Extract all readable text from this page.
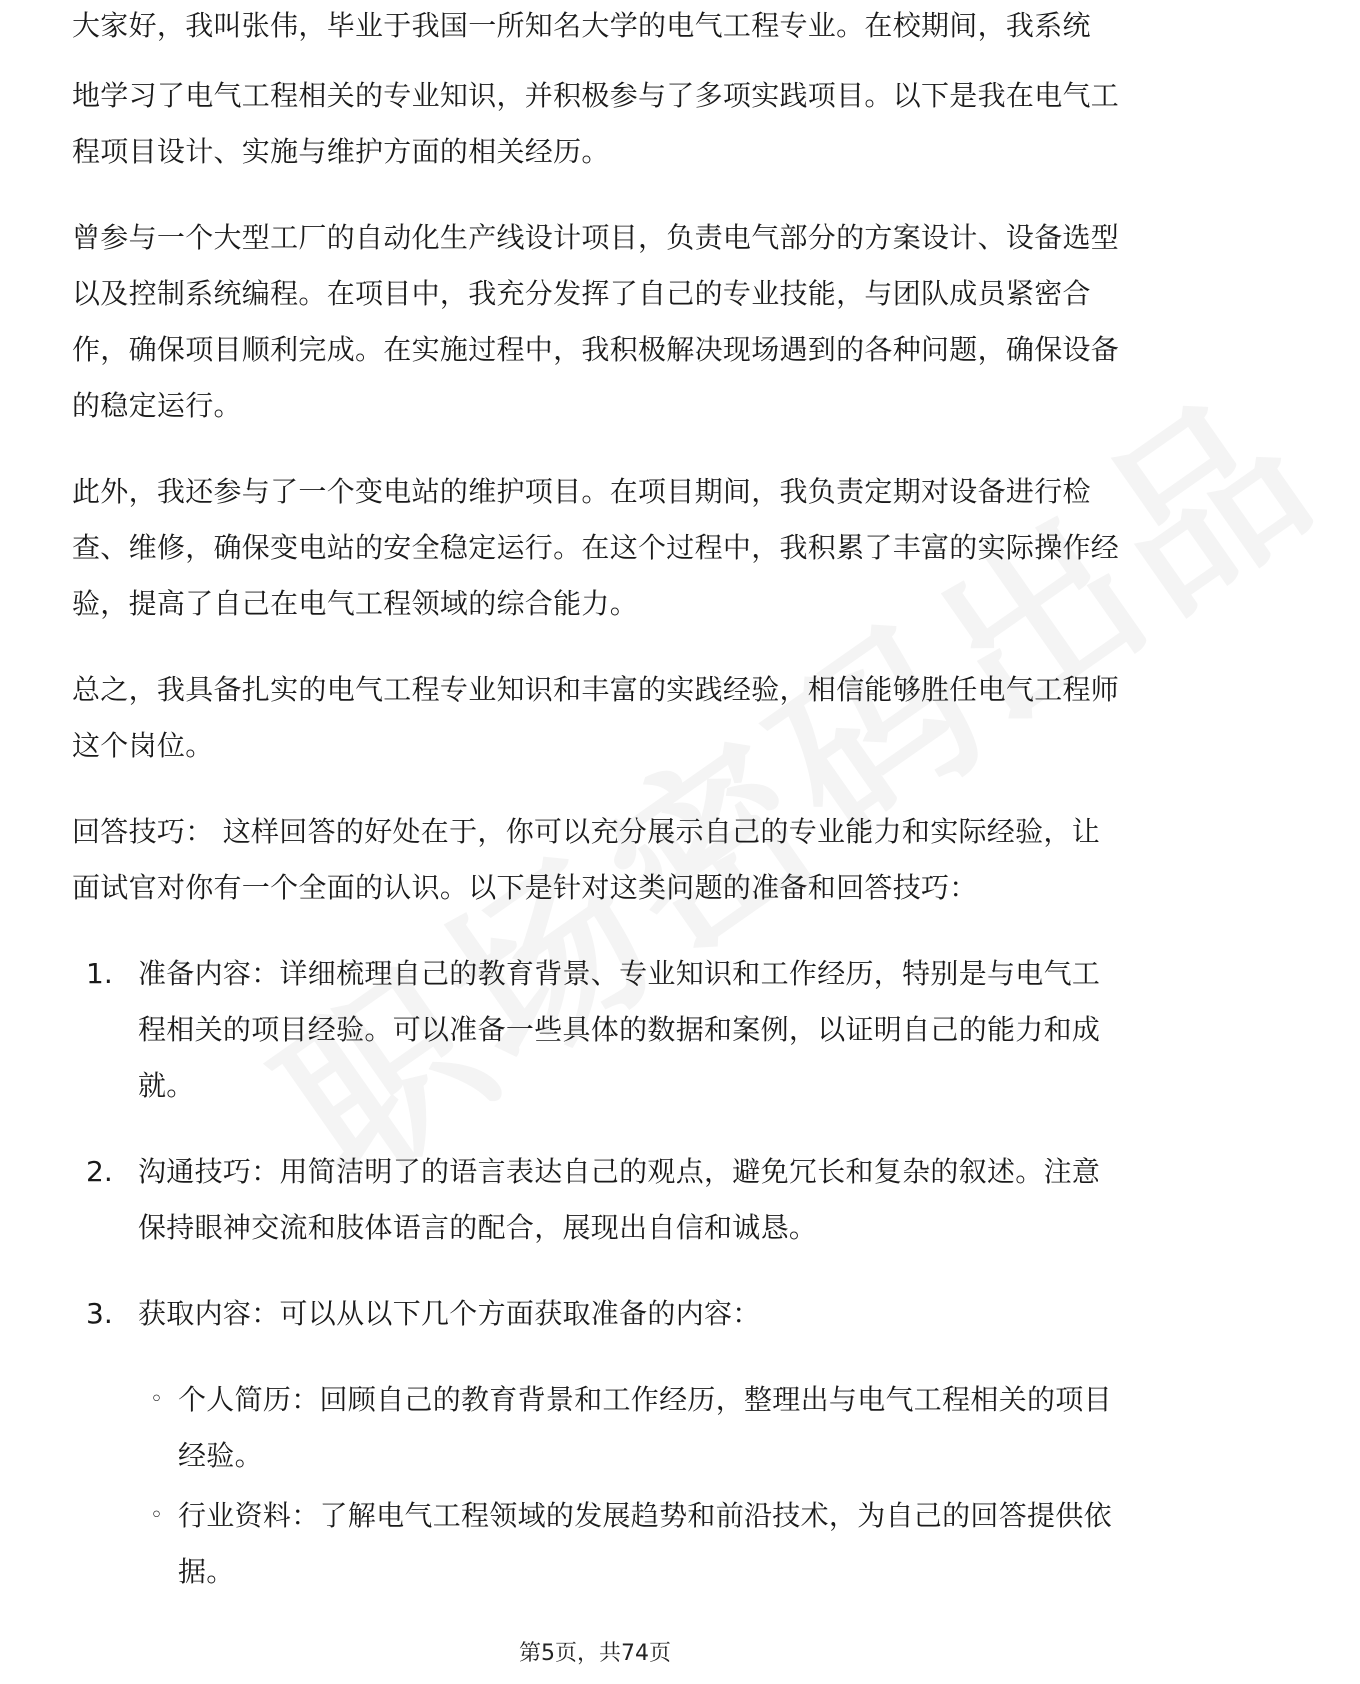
大家好，我叫张伟，毕业于我国一所知名大学的电气工程专业。在校期间，我系统

地学习了电气工程相关的专业知识，并积极参与了多项实践项目。以下是我在电气工程项目设计、实施与维护方面的相关经历。

曾参与一个大型工厂的自动化生产线设计项目，负责电气部分的方案设计、设备选型以及控制系统编程。在项目中，我充分发挥了自己的专业技能，与团队成员紧密合作，确保项目顺利完成。在实施过程中，我积极解决现场遇到的各种问题，确保设备的稳定运行。

此外，我还参与了一个变电站的维护项目。在项目期间，我负责定期对设备进行检查、维修，确保变电站的安全稳定运行。在这个过程中，我积累了丰富的实际操作经验，提高了自己在电气工程领域的综合能力。

总之，我具备扎实的电气工程专业知识和丰富的实践经验，相信能够胜任电气工程师这个岗位。

回答技巧： 这样回答的好处在于，你可以充分展示自己的专业能力和实际经验，让面试官对你有一个全面的认识。以下是针对这类问题的准备和回答技巧：

1. 准备内容：详细梳理自己的教育背景、专业知识和工作经历，特别是与电气工程相关的项目经验。可以准备一些具体的数据和案例，以证明自己的能力和成就。
2. 沟通技巧：用简洁明了的语言表达自己的观点，避免冗长和复杂的叙述。注意保持眼神交流和肢体语言的配合，展现出自信和诚恳。
3. 获取内容：可以从以下几个方面获取准备的内容：
◦ 个人简历：回顾自己的教育背景和工作经历，整理出与电气工程相关的项目经验。
◦ 行业资料：了解电气工程领域的发展趋势和前沿技术，为自己的回答提供依据。
第5页，共74页
